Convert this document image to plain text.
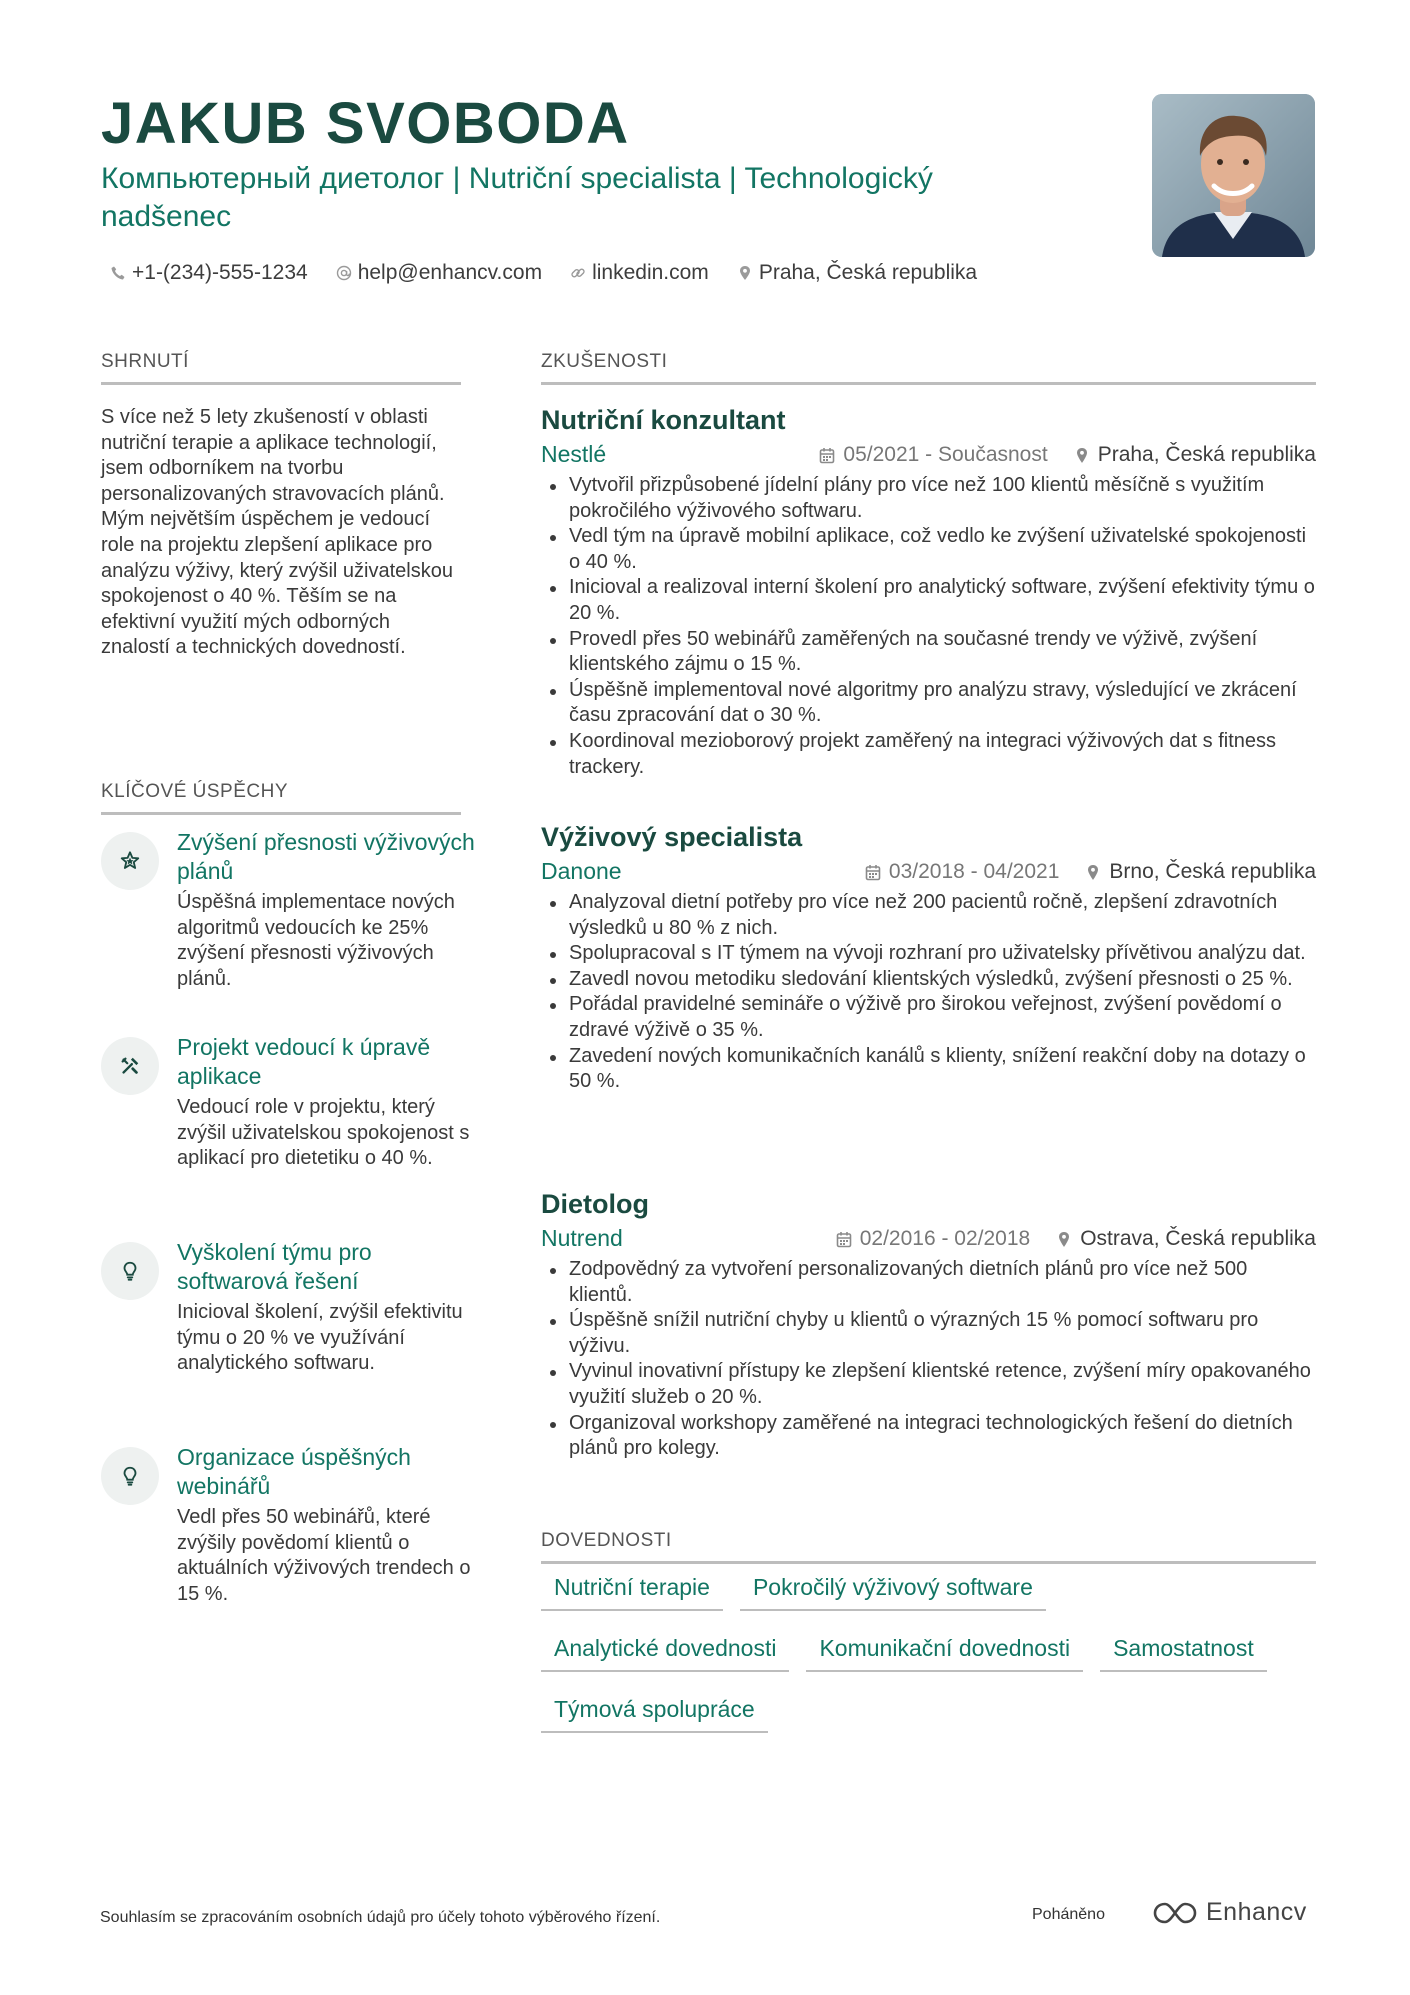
JAKUB SVOBODA

Компьютерный диетолог | Nutriční specialista | Technologický nadšenec

+1-(234)-555-1234 help@enhancv.com linkedin.com Praha, Česká republika
SHRNUTÍ

S více než 5 lety zkušeností v oblasti nutriční terapie a aplikace technologií, jsem odborníkem na tvorbu personalizovaných stravovacích plánů. Mým největším úspěchem je vedoucí role na projektu zlepšení aplikace pro analýzu výživy, který zvýšil uživatelskou spokojenost o 40 %. Těším se na efektivní využití mých odborných znalostí a technických dovedností.

KLÍČOVÉ ÚSPĚCHY

Zvýšení přesnosti výživových plánů

Úspěšná implementace nových algoritmů vedoucích ke 25% zvýšení přesnosti výživových plánů.

Projekt vedoucí k úpravě aplikace

Vedoucí role v projektu, který zvýšil uživatelskou spokojenost s aplikací pro dietetiku o 40 %.

Vyškolení týmu pro softwarová řešení

Inicioval školení, zvýšil efektivitu týmu o 20 % ve využívání analytického softwaru.

Organizace úspěšných webinářů

Vedl přes 50 webinářů, které zvýšily povědomí klientů o aktuálních výživových trendech o 15 %.

ZKUŠENOSTI
Nutriční konzultant
Nestlé	05/2021 - Současnost Praha, Česká republika
Vytvořil přizpůsobené jídelní plány pro více než 100 klientů měsíčně s využitím pokročilého výživového softwaru.
Vedl tým na úpravě mobilní aplikace, což vedlo ke zvýšení uživatelské spokojenosti o 40 %.
Inicioval a realizoval interní školení pro analytický software, zvýšení efektivity týmu o 20 %.
Provedl přes 50 webinářů zaměřených na současné trendy ve výživě, zvýšení klientského zájmu o 15 %.
Úspěšně implementoval nové algoritmy pro analýzu stravy, výsledující ve zkrácení času zpracování dat o 30 %.
Koordinoval mezioborový projekt zaměřený na integraci výživových dat s fitness trackery.
Výživový specialista
Danone	03/2018 - 04/2021 Brno, Česká republika
Analyzoval dietní potřeby pro více než 200 pacientů ročně, zlepšení zdravotních výsledků u 80 % z nich.
Spolupracoval s IT týmem na vývoji rozhraní pro uživatelsky přívětivou analýzu dat.
Zavedl novou metodiku sledování klientských výsledků, zvýšení přesnosti o 25 %.
Pořádal pravidelné semináře o výživě pro širokou veřejnost, zvýšení povědomí o zdravé výživě o 35 %.
Zavedení nových komunikačních kanálů s klienty, snížení reakční doby na dotazy o 50 %.
Dietolog
Nutrend	02/2016 - 02/2018 Ostrava, Česká republika
Zodpovědný za vytvoření personalizovaných dietních plánů pro více než 500 klientů.
Úspěšně snížil nutriční chyby u klientů o výrazných 15 % pomocí softwaru pro výživu.
Vyvinul inovativní přístupy ke zlepšení klientské retence, zvýšení míry opakovaného využití služeb o 20 %.
Organizoval workshopy zaměřené na integraci technologických řešení do dietních plánů pro kolegy.
DOVEDNOSTI
Nutriční terapie	Pokročilý výživový software
Analytické dovednosti	Komunikační dovednosti	Samostatnost
Týmová spolupráce

Souhlasím se zpracováním osobních údajů pro účely tohoto výběrového řízení.	Poháněno	Enhancv
